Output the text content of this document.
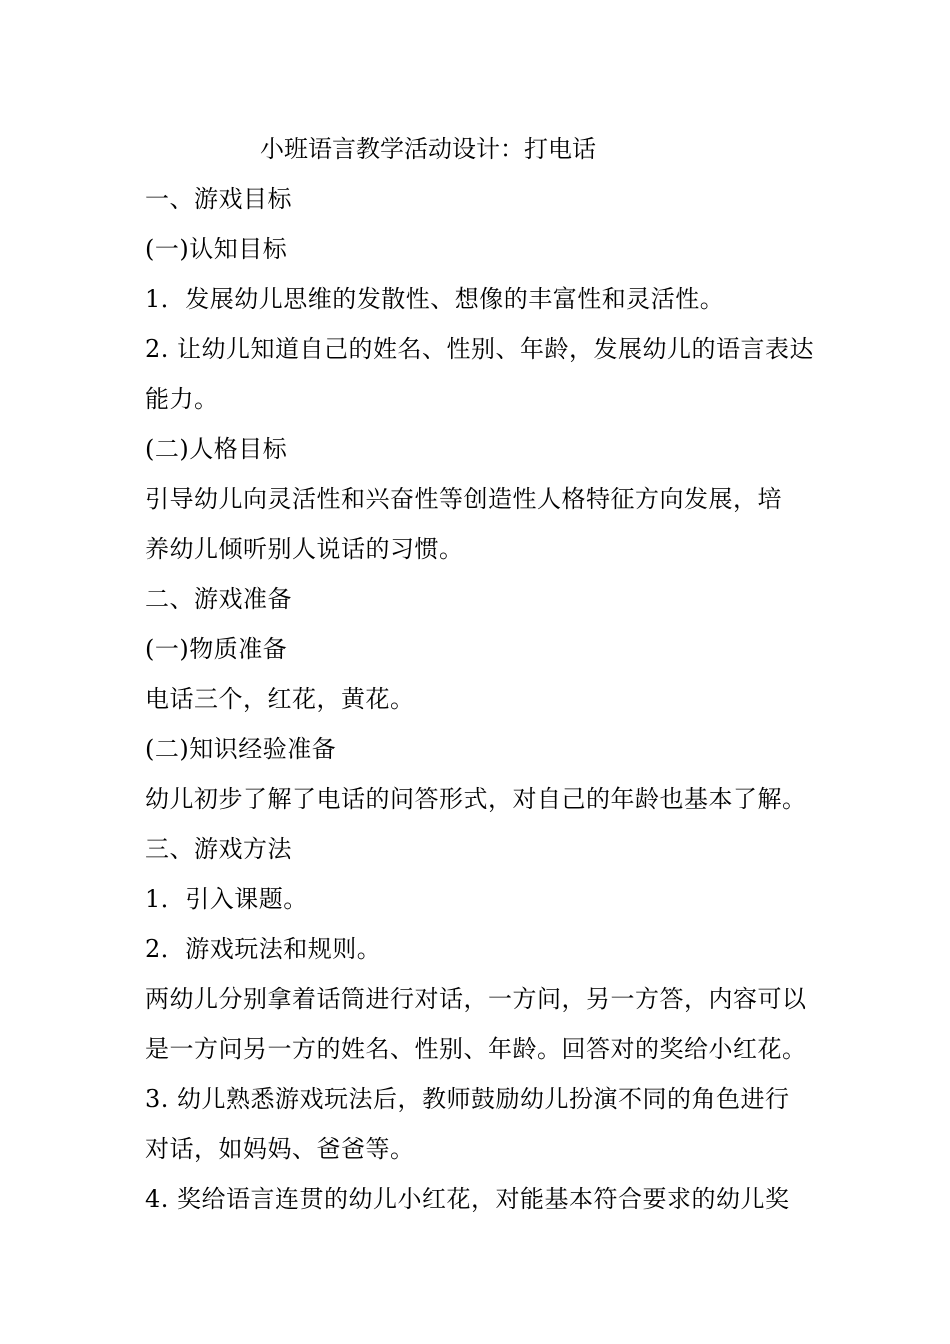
小班语言教学活动设计：打电话
一、游戏目标
(一)认知目标
1．发展幼儿思维的发散性、想像的丰富性和灵活性。
2. 让幼儿知道自己的姓名、性别、年龄，发展幼儿的语言表达
能力。
(二)人格目标
引导幼儿向灵活性和兴奋性等创造性人格特征方向发展，培
养幼儿倾听别人说话的习惯。
二、游戏准备
(一)物质准备
电话三个，红花，黄花。
(二)知识经验准备
幼儿初步了解了电话的问答形式，对自己的年龄也基本了解。
三、游戏方法
1．引入课题。
2．游戏玩法和规则。
两幼儿分别拿着话筒进行对话，一方问，另一方答，内容可以
是一方问另一方的姓名、性别、年龄。回答对的奖给小红花。
3. 幼儿熟悉游戏玩法后，教师鼓励幼儿扮演不同的角色进行
对话，如妈妈、爸爸等。
4. 奖给语言连贯的幼儿小红花，对能基本符合要求的幼儿奖
